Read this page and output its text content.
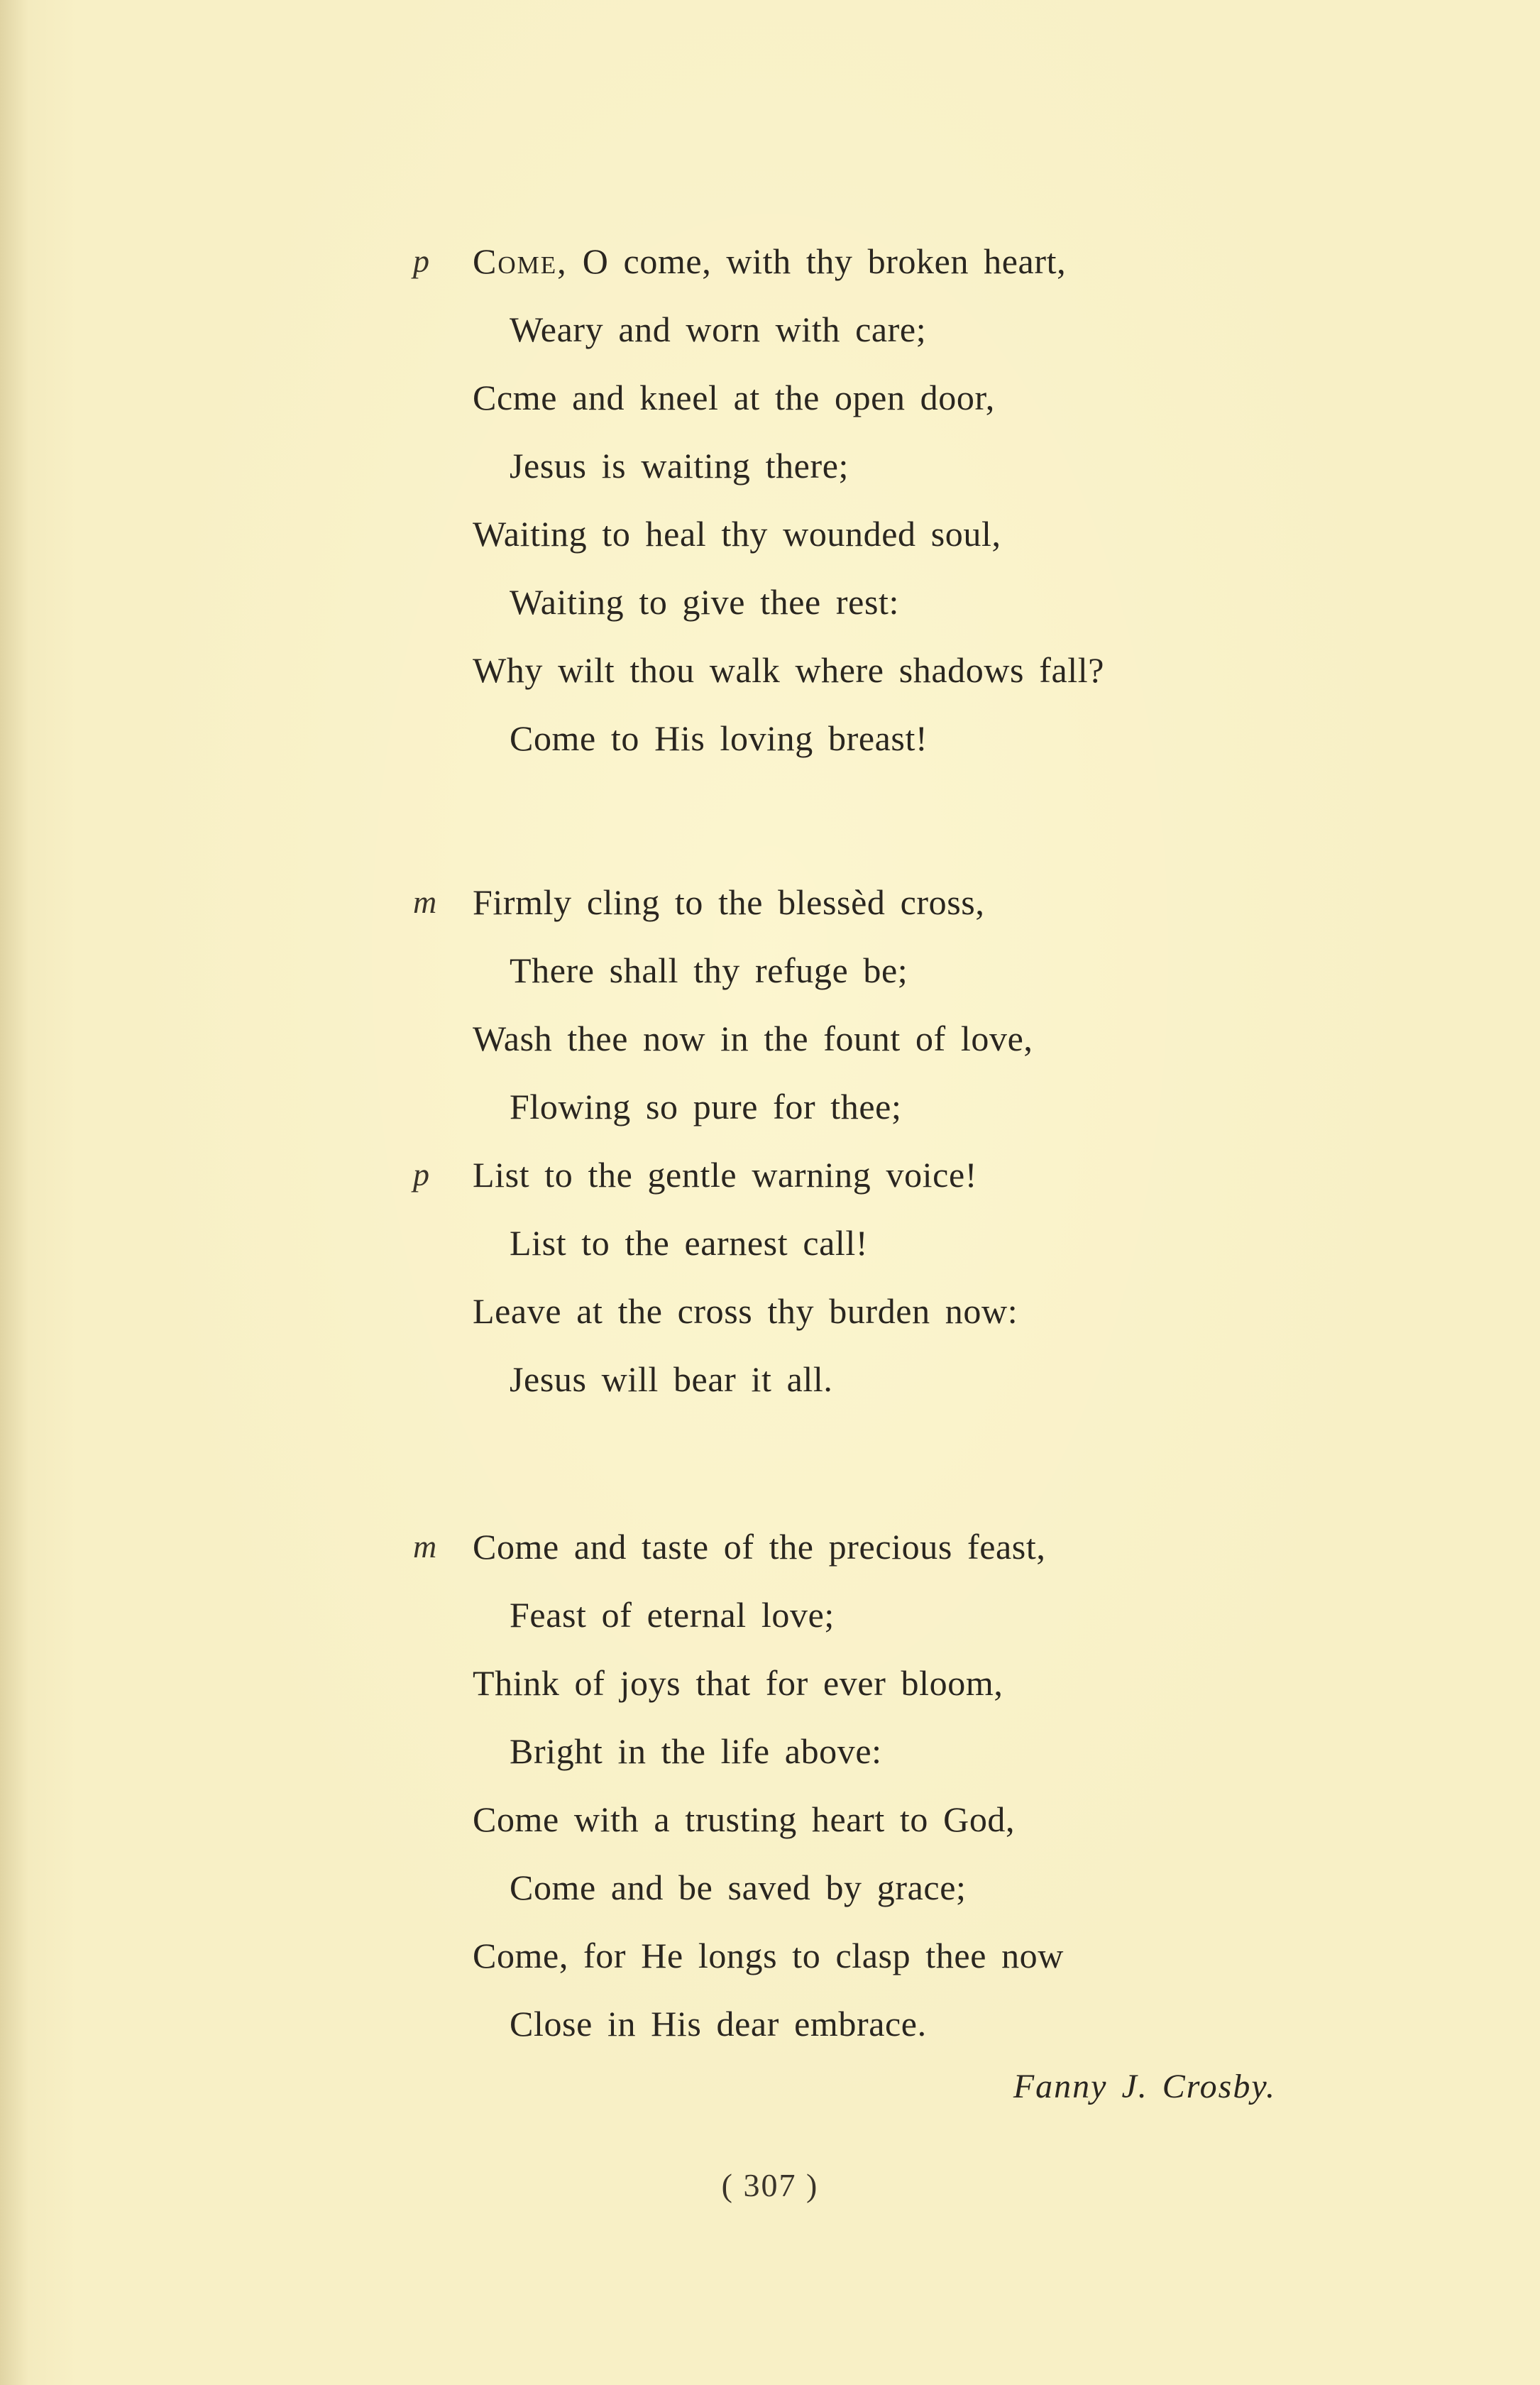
p Come, O come, with thy broken heart,
Weary and worn with care;
Ccme and kneel at the open door,
Jesus is waiting there;
Waiting to heal thy wounded soul,
Waiting to give thee rest:
Why wilt thou walk where shadows fall?
Come to His loving breast!
m Firmly cling to the blessèd cross,
There shall thy refuge be;
Wash thee now in the fount of love,
Flowing so pure for thee;
p List to the gentle warning voice!
List to the earnest call!
Leave at the cross thy burden now:
Jesus will bear it all.
m Come and taste of the precious feast,
Feast of eternal love;
Think of joys that for ever bloom,
Bright in the life above:
Come with a trusting heart to God,
Come and be saved by grace;
Come, for He longs to clasp thee now
Close in His dear embrace.
Fanny J. Crosby.
( 307 )
